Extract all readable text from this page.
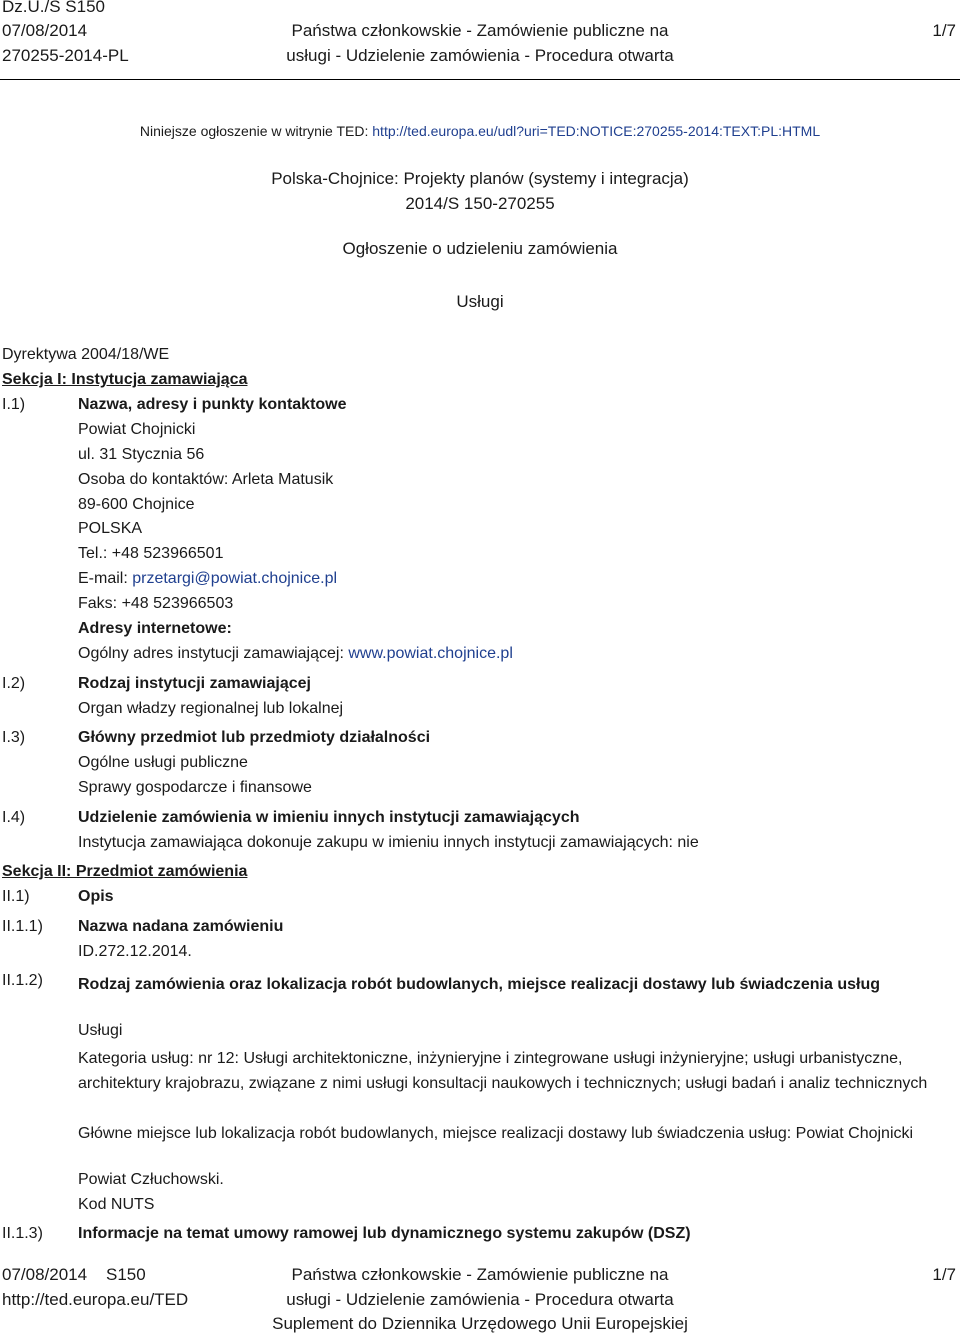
Dz.U./S S150
07/08/2014
270255-2014-PL
Państwa członkowskie - Zamówienie publiczne na
usługi - Udzielenie zamówienia - Procedura otwarta
1/7
Niniejsze ogłoszenie w witrynie TED: http://ted.europa.eu/udl?uri=TED:NOTICE:270255-2014:TEXT:PL:HTML
Polska-Chojnice: Projekty planów (systemy i integracja)
2014/S 150-270255
Ogłoszenie o udzieleniu zamówienia
Usługi
Dyrektywa 2004/18/WE
Sekcja I: Instytucja zamawiająca
I.1)	Nazwa, adresy i punkty kontaktowe
Powiat Chojnicki
ul. 31 Stycznia 56
Osoba do kontaktów: Arleta Matusik
89-600 Chojnice
POLSKA
Tel.: +48 523966501
E-mail: przetargi@powiat.chojnice.pl
Faks: +48 523966503
Adresy internetowe:
Ogólny adres instytucji zamawiającej: www.powiat.chojnice.pl
I.2)	Rodzaj instytucji zamawiającej
Organ władzy regionalnej lub lokalnej
I.3)	Główny przedmiot lub przedmioty działalności
Ogólne usługi publiczne
Sprawy gospodarcze i finansowe
I.4)	Udzielenie zamówienia w imieniu innych instytucji zamawiających
Instytucja zamawiająca dokonuje zakupu w imieniu innych instytucji zamawiających: nie
Sekcja II: Przedmiot zamówienia
II.1)	Opis
II.1.1) Nazwa nadana zamówieniu
ID.272.12.2014.
II.1.2) Rodzaj zamówienia oraz lokalizacja robót budowlanych, miejsce realizacji dostawy lub świadczenia usług
Usługi
Kategoria usług: nr 12: Usługi architektoniczne, inżynieryjne i zintegrowane usługi inżynieryjne; usługi urbanistyczne, architektury krajobrazu, związane z nimi usługi konsultacji naukowych i technicznych; usługi badań i analiz technicznych
Główne miejsce lub lokalizacja robót budowlanych, miejsce realizacji dostawy lub świadczenia usług: Powiat Chojnicki
Powiat Człuchowski.
Kod NUTS
II.1.3) Informacje na temat umowy ramowej lub dynamicznego systemu zakupów (DSZ)
07/08/2014    S150
http://ted.europa.eu/TED
Państwa członkowskie - Zamówienie publiczne na
usługi - Udzielenie zamówienia - Procedura otwarta
Suplement do Dziennika Urzędowego Unii Europejskiej
1/7
